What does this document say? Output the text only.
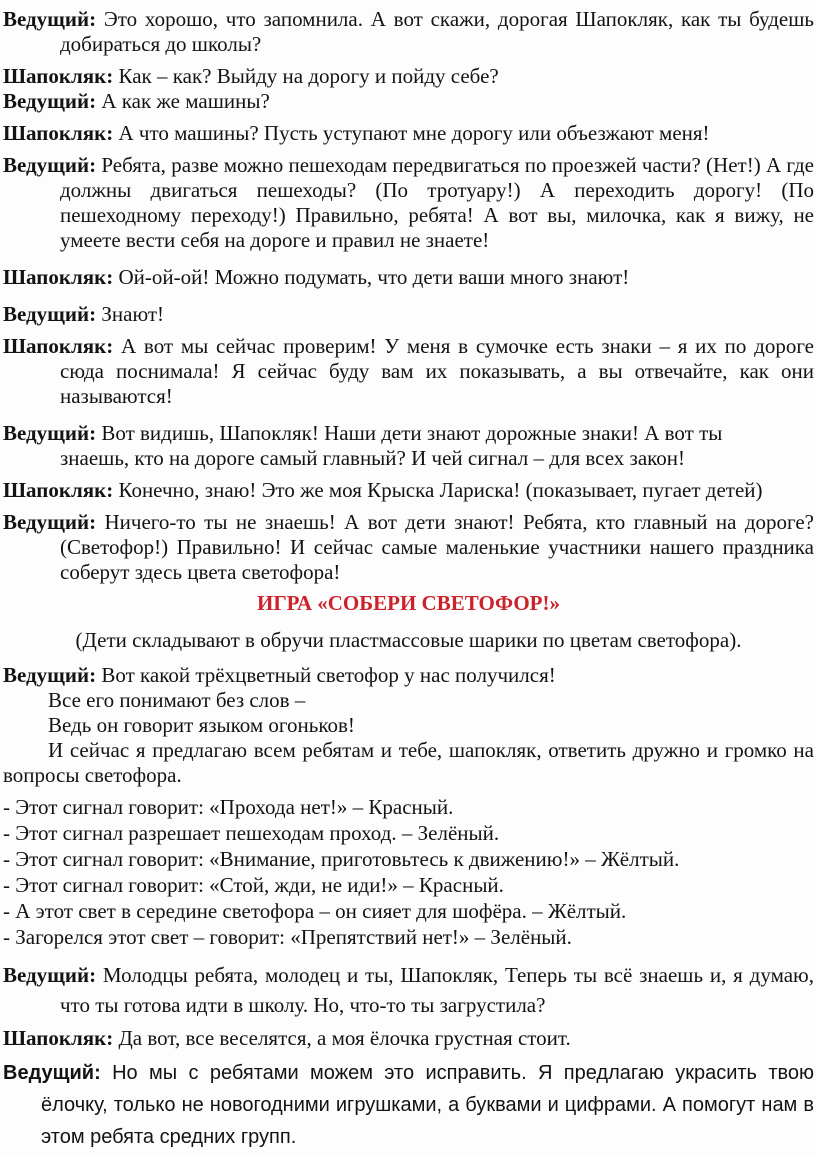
Ведущий: Это хорошо, что запомнила. А вот скажи, дорогая Шапокляк, как ты будешь добираться до школы?
Шапокляк: Как – как? Выйду на дорогу и пойду себе?
Ведущий: А как же машины?
Шапокляк: А что машины? Пусть уступают мне дорогу или объезжают меня!
Ведущий: Ребята, разве можно пешеходам передвигаться по проезжей части? (Нет!) А где должны двигаться пешеходы? (По тротуару!) А переходить дорогу! (По пешеходному переходу!) Правильно, ребята! А вот вы, милочка, как я вижу, не умеете вести себя на дороге и правил не знаете!
Шапокляк: Ой-ой-ой! Можно подумать, что дети ваши много знают!
Ведущий: Знают!
Шапокляк: А вот мы сейчас проверим! У меня в сумочке есть знаки – я их по дороге сюда поснимала! Я сейчас буду вам их показывать, а вы отвечайте, как они называются!
Ведущий: Вот видишь, Шапокляк! Наши дети знают дорожные знаки! А вот ты
знаешь, кто на дороге самый главный? И чей сигнал – для всех закон!
Шапокляк: Конечно, знаю! Это же моя Крыска Лариска! (показывает, пугает детей)
Ведущий: Ничего-то ты не знаешь! А вот дети знают! Ребята, кто главный на дороге? (Светофор!) Правильно! И сейчас самые маленькие участники нашего праздника соберут здесь цвета светофора!
ИГРА «СОБЕРИ СВЕТОФОР!»
(Дети складывают в обручи пластмассовые шарики по цветам светофора).
Ведущий: Вот какой трёхцветный светофор у нас получился!
Все его понимают без слов –
Ведь он говорит языком огоньков!
И сейчас я предлагаю всем ребятам и тебе, шапокляк, ответить дружно и громко на вопросы светофора.
- Этот сигнал говорит: «Прохода нет!» – Красный.
- Этот сигнал разрешает пешеходам проход. – Зелёный.
- Этот сигнал говорит: «Внимание, приготовьтесь к движению!» – Жёлтый.
- Этот сигнал говорит: «Стой, жди, не иди!» – Красный.
- А этот свет в середине светофора – он сияет для шофёра. – Жёлтый.
- Загорелся этот свет – говорит: «Препятствий нет!» – Зелёный.
Ведущий: Молодцы ребята, молодец и ты, Шапокляк, Теперь ты всё знаешь и, я думаю, что ты готова идти в школу. Но, что-то ты загрустила?
Шапокляк: Да вот, все веселятся, а моя ёлочка грустная стоит.
Ведущий: Но мы с ребятами можем это исправить. Я предлагаю украсить твою ёлочку, только не новогодними игрушками, а буквами и цифрами. А помогут нам в этом ребята средних групп.
